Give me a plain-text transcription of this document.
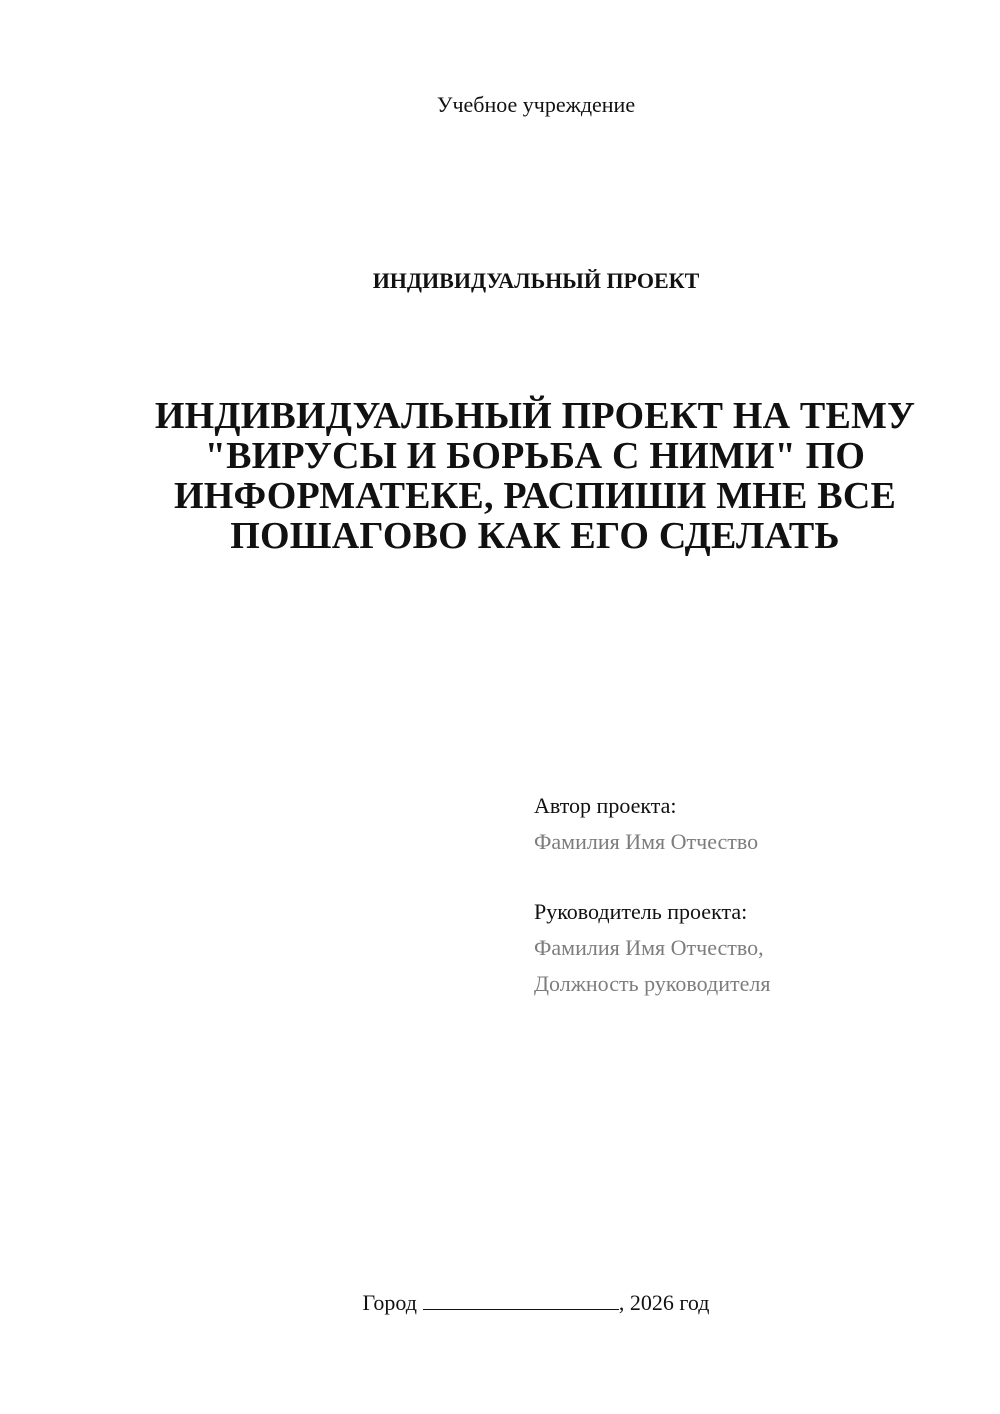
Учебное учреждение
ИНДИВИДУАЛЬНЫЙ ПРОЕКТ
ИНДИВИДУАЛЬНЫЙ ПРОЕКТ НА ТЕМУ
"ВИРУСЫ И БОРЬБА С НИМИ" ПО
ИНФОРМАТЕКЕ, РАСПИШИ МНЕ ВСЕ
ПОШАГОВО КАК ЕГО СДЕЛАТЬ
Автор проекта:
Фамилия Имя Отчество
Руководитель проекта:
Фамилия Имя Отчество,
Должность руководителя
Город	, 2026 год
